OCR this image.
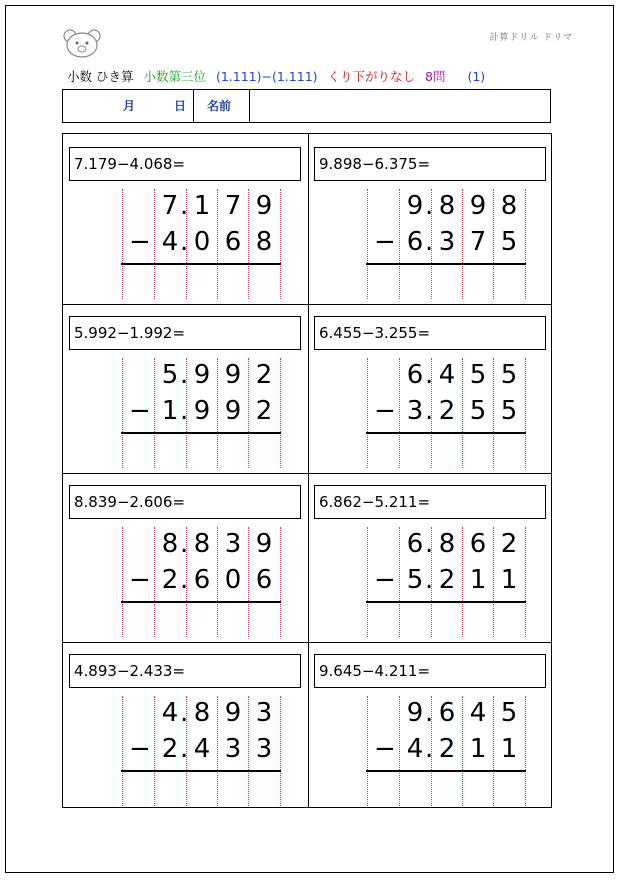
計算ドリル ドリマ
小数 ひき算 小数第三位 (1.111)−(1.111) くり下がりなし 8問 (1)
月	日 名前
7.179−4.068=
7 1 7 9
.
4 0 6 8
.
−
9.898−6.375=
9 8 9 8
.
6 3 7 5
.
−
5.992−1.992=
5 9 9 2
.
1 9 9 2
.
−
6.455−3.255=
6 4 5 5
.
3 2 5 5
.
−
8.839−2.606=
8 8 3 9
.
2 6 0 6
.
−
6.862−5.211=
6 8 6 2
.
5 2 1 1
.
−
4.893−2.433=
4 8 9 3
.
2 4 3 3
.
−
9.645−4.211=
9 6 4 5
.
4 2 1 1
.
−
